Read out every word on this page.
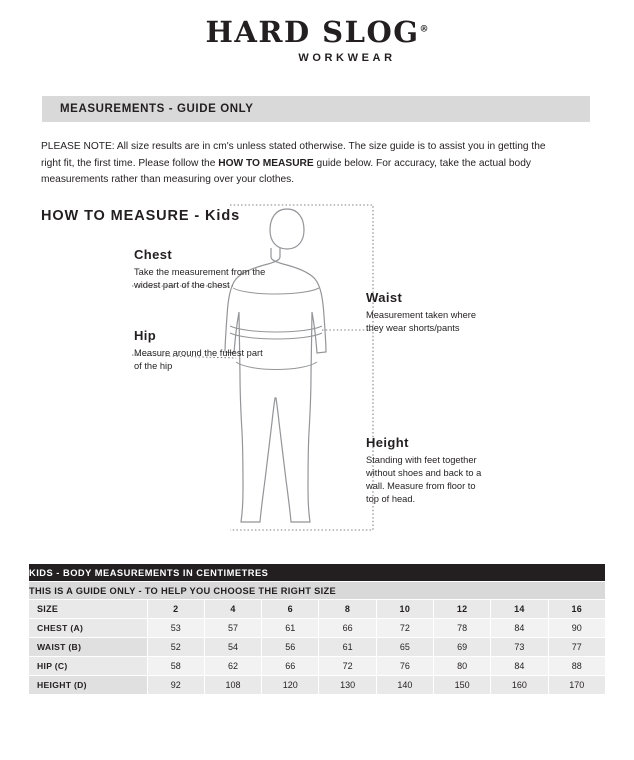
HARD SLOG®
WORKWEAR
MEASUREMENTS - GUIDE ONLY
PLEASE NOTE: All size results are in cm's unless stated otherwise. The size guide is to assist you in getting the right fit, the first time. Please follow the HOW TO MEASURE guide below. For accuracy, take the actual body measurements rather than measuring over your clothes.
HOW TO MEASURE - Kids
Chest
Take the measurement from the widest part of the chest
Hip
Measure around the fullest part of the hip
Waist
Measurement taken where they wear shorts/pants
Height
Standing with feet together without shoes and back to a wall. Measure from floor to top of head.
KIDS - BODY MEASUREMENTS IN CENTIMETRES								
THIS IS A GUIDE ONLY - TO HELP YOU CHOOSE THE RIGHT SIZE								
SIZE	2	4	6	8	10	12	14	16
CHEST (A)	53	57	61	66	72	78	84	90
WAIST (B)	52	54	56	61	65	69	73	77
HIP (C)	58	62	66	72	76	80	84	88
HEIGHT (D)	92	108	120	130	140	150	160	170
